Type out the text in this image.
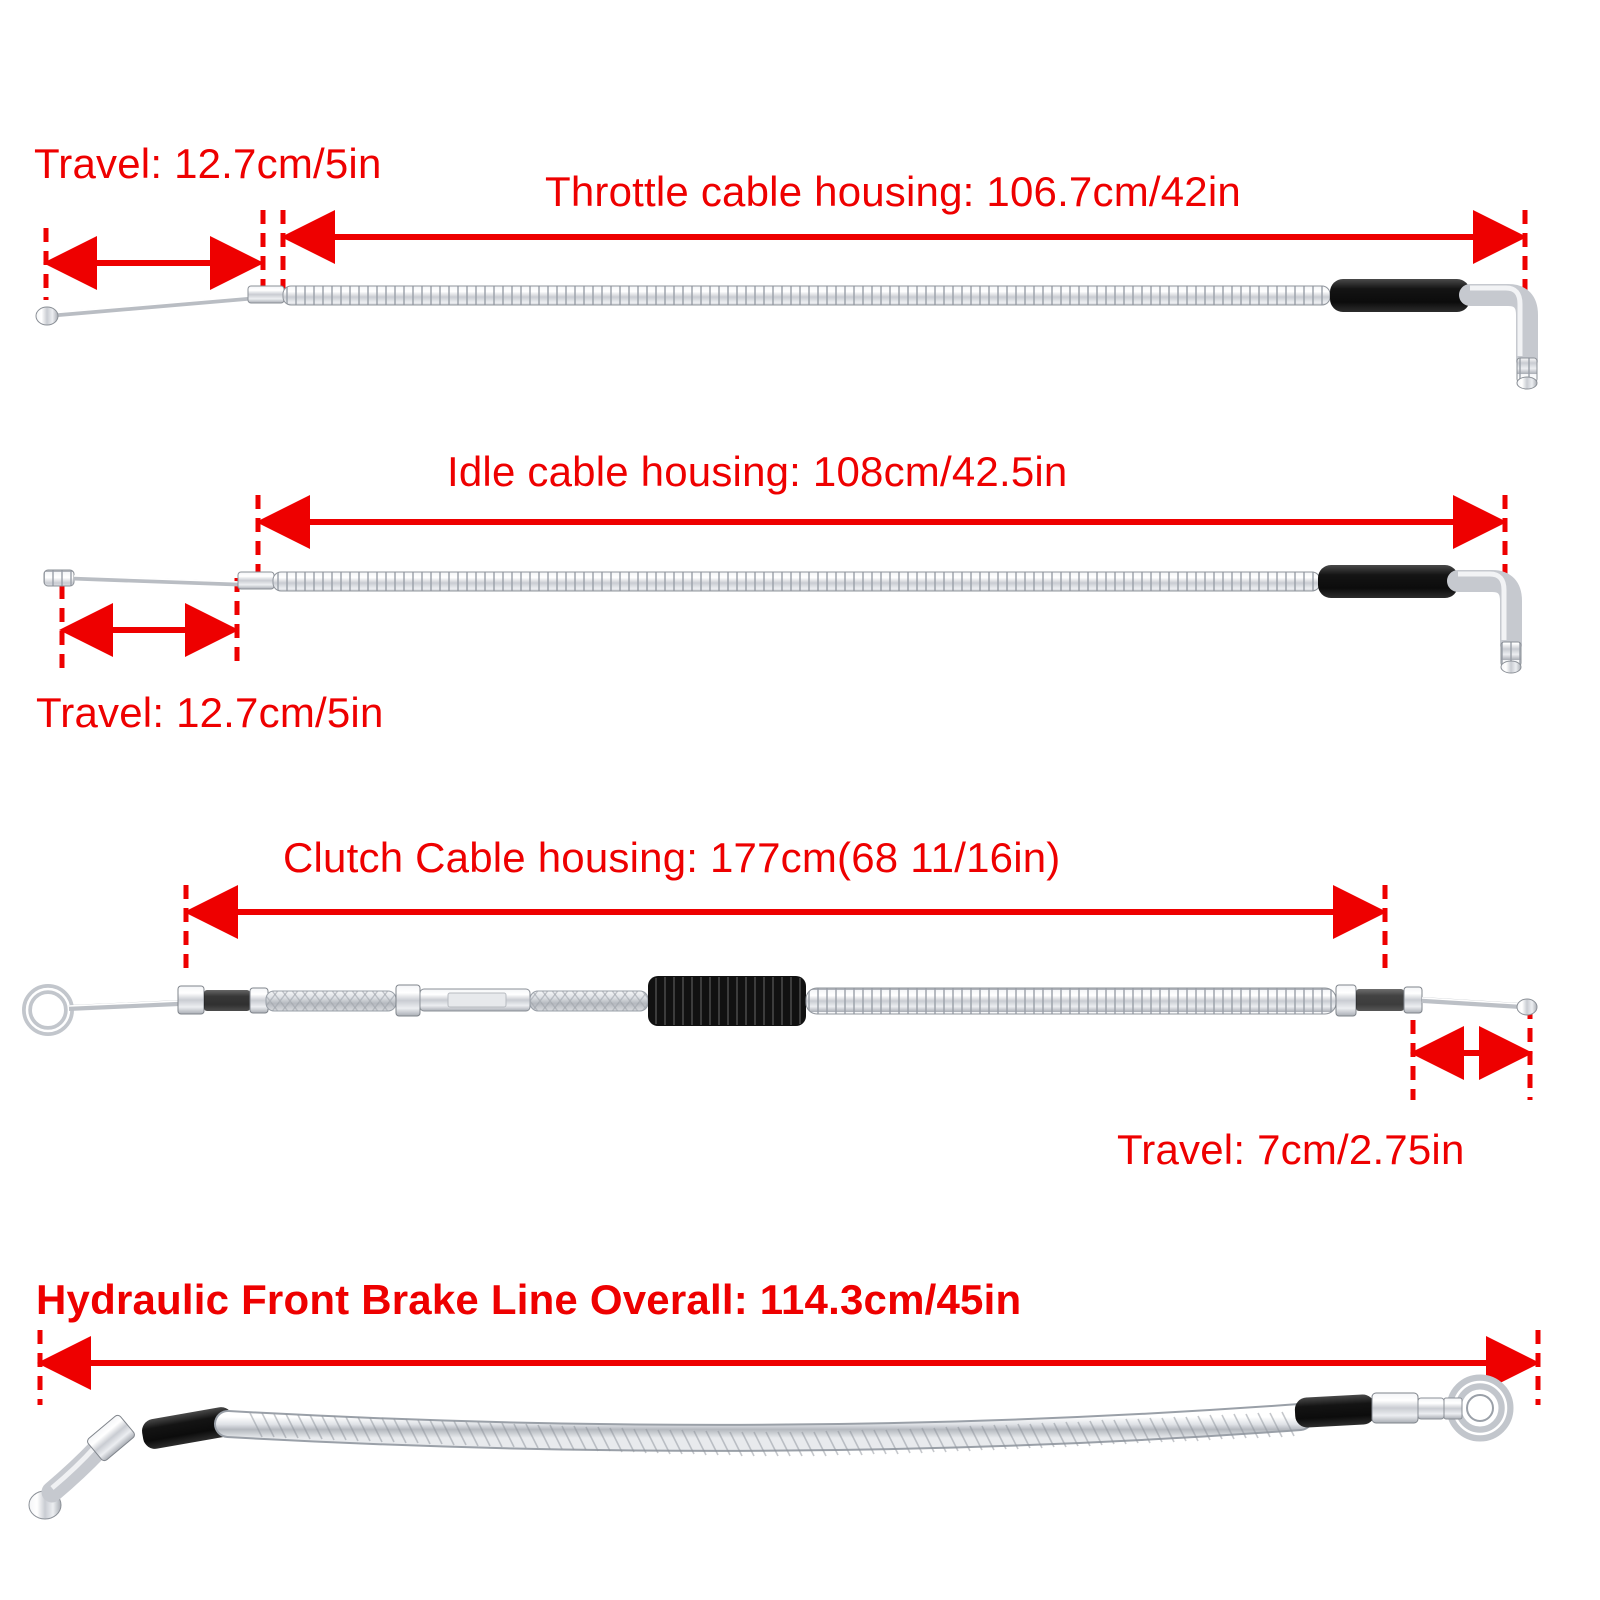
Travel: 12.7cm/5in
Throttle cable housing: 106.7cm/42in
Idle cable housing: 108cm/42.5in
Travel: 12.7cm/5in
Clutch Cable housing: 177cm(68 11/16in)
Travel: 7cm/2.75in
Hydraulic Front Brake Line Overall: 114.3cm/45in
